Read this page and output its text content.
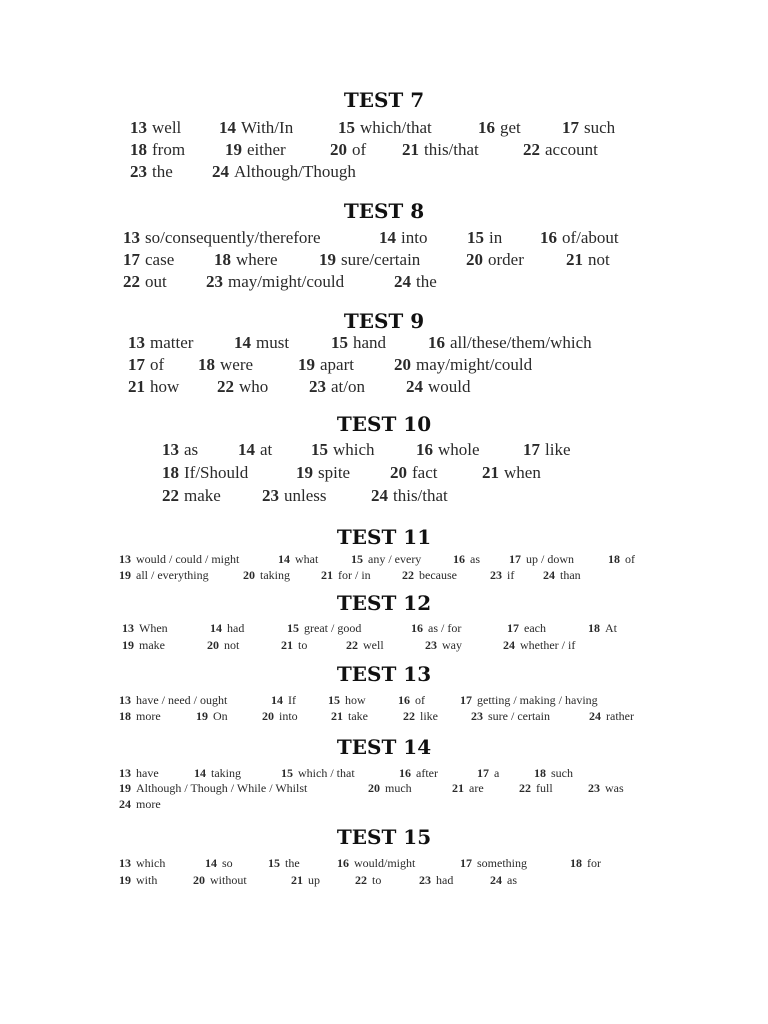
TEST 7
13 well 14 With/In	15 which/that	16 get 17 such
18 from 19 either	20 of 21 this/that	22 account
23 the 24 Although/Though
TEST 8
13 so/consequently/therefore	14 into 15 in 16 of/about
17 case 18 where 19 sure/certain	20 order 21 not
22 out 23 may/might/could	24 the
TEST 9
13 matter 14 must 15 hand 16 all/these/them/which
17 of 18 were	19 apart 20 may/might/could
21 how 22 who 23 at/on 24 would
TEST 10
13 as 14 at 15 which 16 whole	17 like
18 If/Should	19 spite 20 fact	21 when
22 make 23 unless	24 this/that
TEST 11
13 would / could / might	14 what	15 any / every	16 as 17 up / down	18 of
19 all / everything	20 taking	21 for / in	22 because	23 if 24 than
TEST 12
13 When	14 had	15 great / good	16 as / for	17 each	18 At
19 make	20 not	21 to	22 well	23 way	24 whether / if
TEST 13
13 have / need / ought	14 If	15 how	16 of	17 getting / making / having
18 more	19 On	20 into	21 take	22 like	23 sure / certain	24 rather
TEST 14
13 have	14 taking	15 which / that	16 after	17 a	18 such
19 Although / Though / While / Whilst	20 much	21 are	22 full	23 was
24 more
TEST 15
13 which	14 so	15 the	16 would/might	17 something	18 for
19 with	20 without	21 up	22 to	23 had	24 as
